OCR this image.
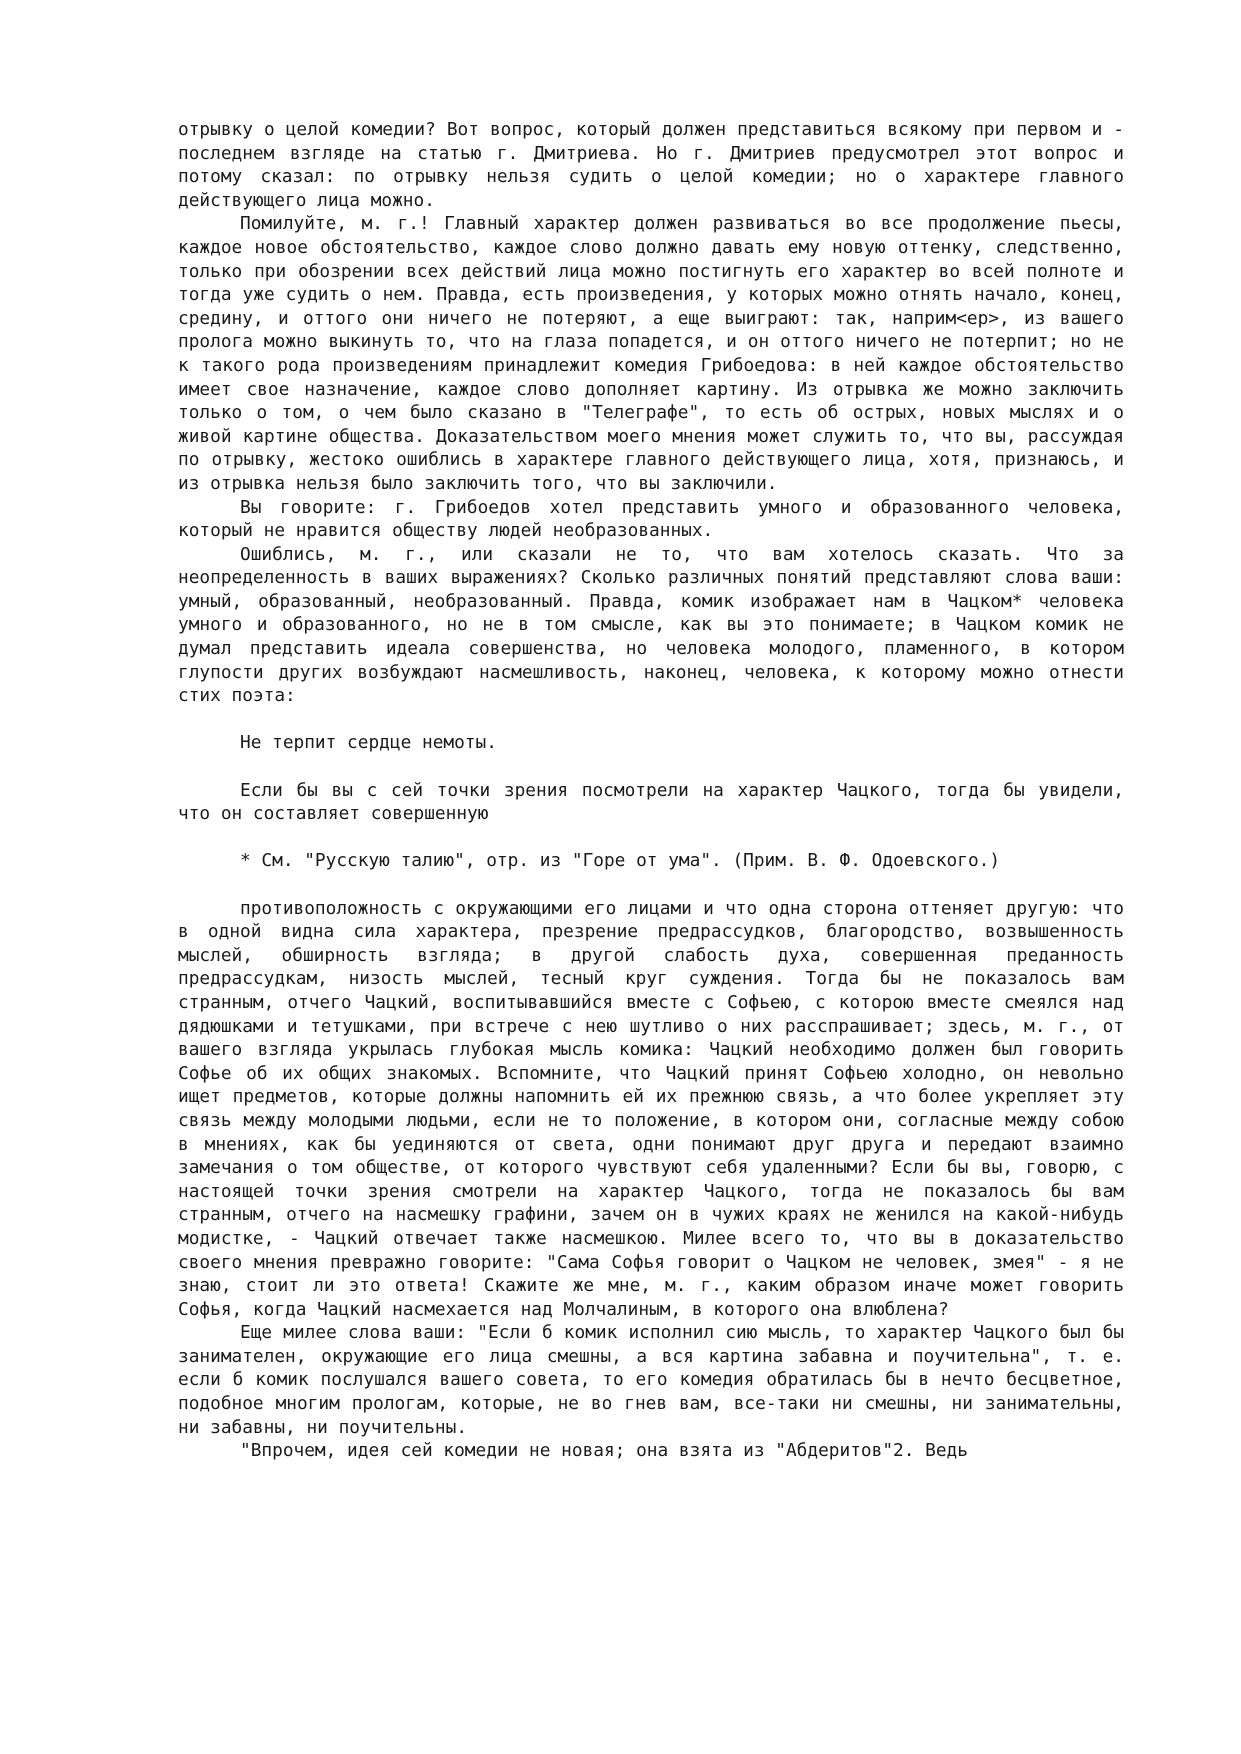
отрывку о целой комедии? Вот вопрос, который должен представиться всякому при первом и - последнем взгляде на статью г. Дмитриева. Но г. Дмитриев предусмотрел этот вопрос и потому сказал: по отрывку нельзя судить о целой комедии; но о характере главного действующего лица можно.

Помилуйте, м. г.! Главный характер должен развиваться во все продолжение пьесы, каждое новое обстоятельство, каждое слово должно давать ему новую оттенку, следственно, только при обозрении всех действий лица можно постигнуть его характер во всей полноте и тогда уже судить о нем. Правда, есть произведения, у которых можно отнять начало, конец, средину, и оттого они ничего не потеряют, а еще выиграют: так, наприм<ер>, из вашего пролога можно выкинуть то, что на глаза попадется, и он оттого ничего не потерпит; но не к такого рода произведениям принадлежит комедия Грибоедова: в ней каждое обстоятельство имеет свое назначение, каждое слово дополняет картину. Из отрывка же можно заключить только о том, о чем было сказано в "Телеграфе", то есть об острых, новых мыслях и о живой картине общества. Доказательством моего мнения может служить то, что вы, рассуждая по отрывку, жестоко ошиблись в характере главного действующего лица, хотя, признаюсь, и из отрывка нельзя было заключить того, что вы заключили.

Вы говорите: г. Грибоедов хотел представить умного и образованного человека, который не нравится обществу людей необразованных.

Ошиблись, м. г., или сказали не то, что вам хотелось сказать. Что за неопределенность в ваших выражениях? Сколько различных понятий представляют слова ваши: умный, образованный, необразованный. Правда, комик изображает нам в Чацком* человека умного и образованного, но не в том смысле, как вы это понимаете; в Чацком комик не думал представить идеала совершенства, но человека молодого, пламенного, в котором глупости других возбуждают насмешливость, наконец, человека, к которому можно отнести стих поэта:

Не терпит сердце немоты.

Если бы вы с сей точки зрения посмотрели на характер Чацкого, тогда бы увидели, что он составляет совершенную

* См. "Русскую талию", отр. из "Горе от ума". (Прим. В. Ф. Одоевского.)

противоположность с окружающими его лицами и что одна сторона оттеняет другую: что в одной видна сила характера, презрение предрассудков, благородство, возвышенность мыслей, обширность взгляда; в другой слабость духа, совершенная преданность предрассудкам, низость мыслей, тесный круг суждения. Тогда бы не показалось вам странным, отчего Чацкий, воспитывавшийся вместе с Софьею, с которою вместе смеялся над дядюшками и тетушками, при встрече с нею шутливо о них расспрашивает; здесь, м. г., от вашего взгляда укрылась глубокая мысль комика: Чацкий необходимо должен был говорить Софье об их общих знакомых. Вспомните, что Чацкий принят Софьею холодно, он невольно ищет предметов, которые должны напомнить ей их прежнюю связь, а что более укрепляет эту связь между молодыми людьми, если не то положение, в котором они, согласные между собою в мнениях, как бы уединяются от света, одни понимают друг друга и передают взаимно замечания о том обществе, от которого чувствуют себя удаленными? Если бы вы, говорю, с настоящей точки зрения смотрели на характер Чацкого, тогда не показалось бы вам странным, отчего на насмешку графини, зачем он в чужих краях не женился на какой-нибудь модистке, - Чацкий отвечает также насмешкою. Милее всего то, что вы в доказательство своего мнения превражно говорите: "Сама Софья говорит о Чацком не человек, змея" - я не знаю, стоит ли это ответа! Скажите же мне, м. г., каким образом иначе может говорить Софья, когда Чацкий насмехается над Молчалиным, в которого она влюблена?

Еще милее слова ваши: "Если б комик исполнил сию мысль, то характер Чацкого был бы занимателен, окружающие его лица смешны, а вся картина забавна и поучительна", т. е. если б комик послушался вашего совета, то его комедия обратилась бы в нечто бесцветное, подобное многим прологам, которые, не во гнев вам, все-таки ни смешны, ни занимательны, ни забавны, ни поучительны.

"Впрочем, идея сей комедии не новая; она взята из "Абдеритов"2. Ведь
